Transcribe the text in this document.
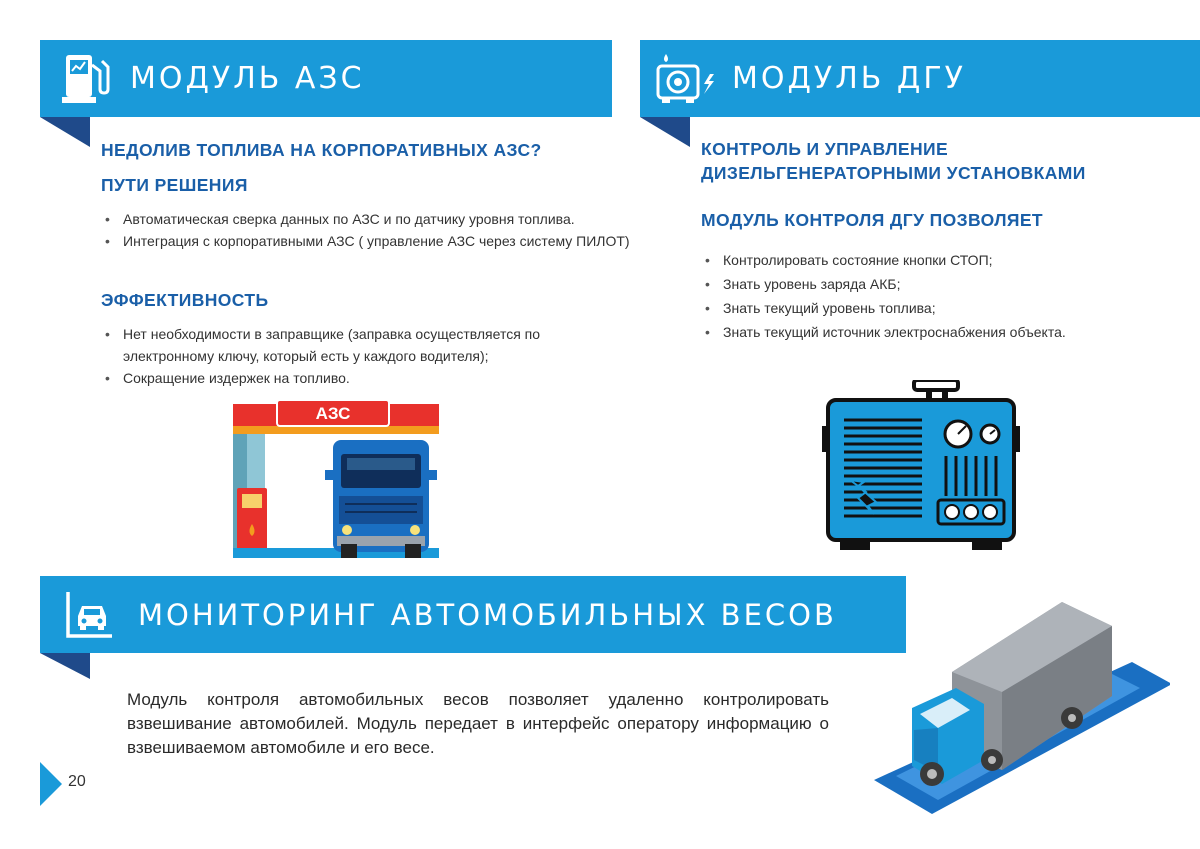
МОДУЛЬ АЗС
НЕДОЛИВ ТОПЛИВА НА КОРПОРАТИВНЫХ АЗС?
ПУТИ РЕШЕНИЯ
• Автоматическая сверка данных по АЗС и по датчику уровня топлива.
• Интеграция с корпоративными АЗС ( управление АЗС через систему ПИЛОТ)
ЭФФЕКТИВНОСТЬ
• Нет необходимости в заправщике (заправка осуществляется по электронному ключу, который есть у каждого водителя);
• Сокращение издержек на топливо.
АЗС
МОДУЛЬ ДГУ
КОНТРОЛЬ И УПРАВЛЕНИЕ
ДИЗЕЛЬГЕНЕРАТОРНЫМИ УСТАНОВКАМИ
МОДУЛЬ КОНТРОЛЯ ДГУ ПОЗВОЛЯЕТ
• Контролировать состояние кнопки СТОП;
• Знать уровень заряда АКБ;
• Знать текущий уровень топлива;
• Знать текущий источник электроснабжения объекта.
МОНИТОРИНГ АВТОМОБИЛЬНЫХ ВЕСОВ

Модуль контроля автомобильных весов позволяет удаленно контролировать взвешивание автомобилей. Модуль передает в интерфейс оператору информацию о взвешиваемом автомобиле и его весе.

20
